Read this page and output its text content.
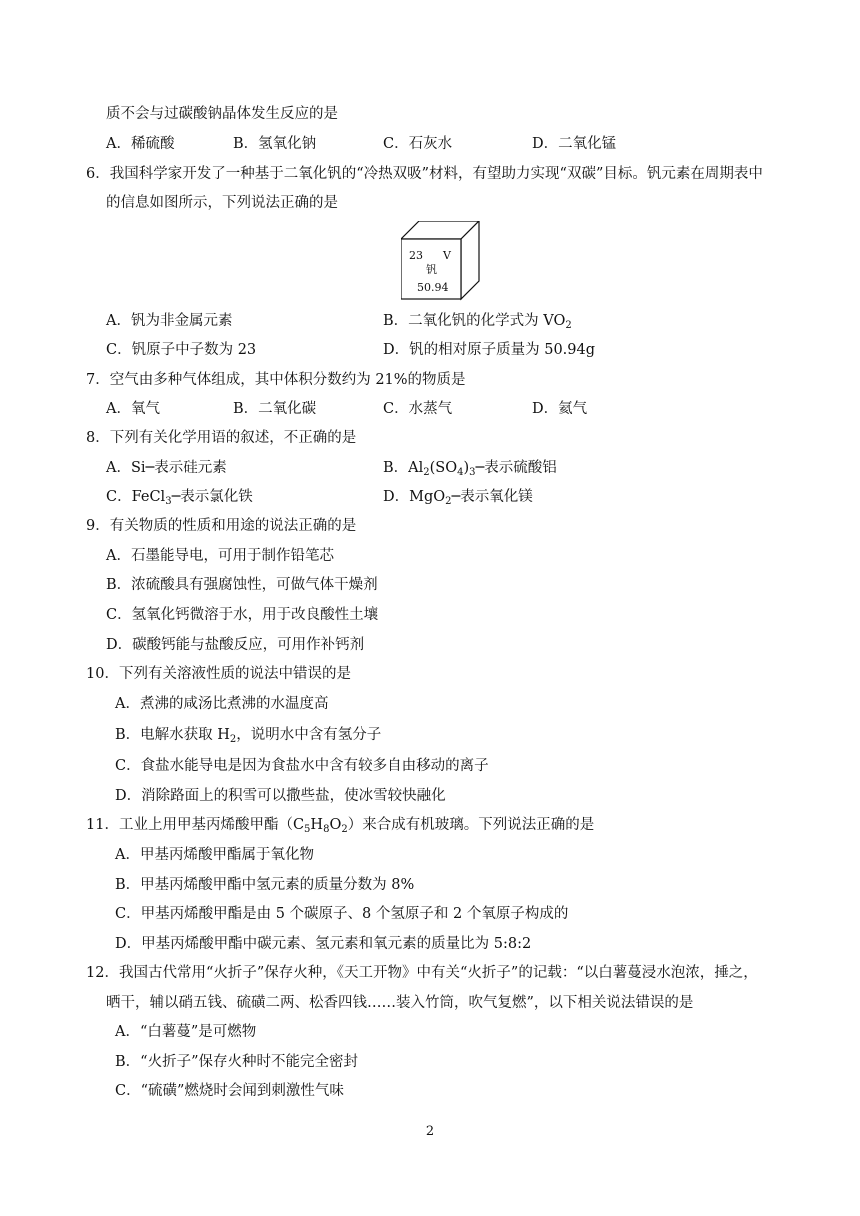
质不会与过碳酸钠晶体发生反应的是
A．稀硫酸	B．氢氧化钠	C．石灰水	D．二氧化锰
6．我国科学家开发了一种基于二氧化钒的“冷热双吸”材料，有望助力实现“双碳”目标。钒元素在周期表中
的信息如图所示，下列说法正确的是
23 V
钒
50.94
A．钒为非金属元素	B．二氧化钒的化学式为 $VO_2$
C．钒原子中子数为 23	D．钒的相对原子质量为 50.94g
7．空气由多种气体组成，其中体积分数约为 21%的物质是
A．氧气	B．二氧化碳	C．水蒸气	D．氦气
8．下列有关化学用语的叙述，不正确的是
A．Si─表示硅元素	B．$Al_2(SO_4)_3─$表示硫酸铝
C．FeCl$_3$─表示氯化铁	D．MgO$_2$─表示氧化镁
9．有关物质的性质和用途的说法正确的是
A．石墨能导电，可用于制作铅笔芯
B．浓硫酸具有强腐蚀性，可做气体干燥剂
C．氢氧化钙微溶于水，用于改良酸性土壤
D．碳酸钙能与盐酸反应，可用作补钙剂
10．下列有关溶液性质的说法中错误的是
A．煮沸的咸汤比煮沸的水温度高
B．电解水获取 $H_2$，说明水中含有氢分子
C．食盐水能导电是因为食盐水中含有较多自由移动的离子
D．消除路面上的积雪可以撒些盐，使冰雪较快融化
11．工业上用甲基丙烯酸甲酯$(C_5H_8O_2)$来合成有机玻璃。下列说法正确的是
A．甲基丙烯酸甲酯属于氧化物
B．甲基丙烯酸甲酯中氢元素的质量分数为 8%
C．甲基丙烯酸甲酯是由 5 个碳原子、8 个氢原子和 2 个氧原子构成的
D．甲基丙烯酸甲酯中碳元素、氢元素和氧元素的质量比为 5:8:2
12．我国古代常用“火折子”保存火种，《天工开物》中有关“火折子”的记载：“以白薯蔓浸水泡浓，捶之，
晒干，辅以硝五钱、硫磺二两、松香四钱……装入竹筒，吹气复燃”，以下相关说法错误的是
A．“白薯蔓”是可燃物
B．“火折子”保存火种时不能完全密封
C．“硫磺”燃烧时会闻到刺激性气味
2
